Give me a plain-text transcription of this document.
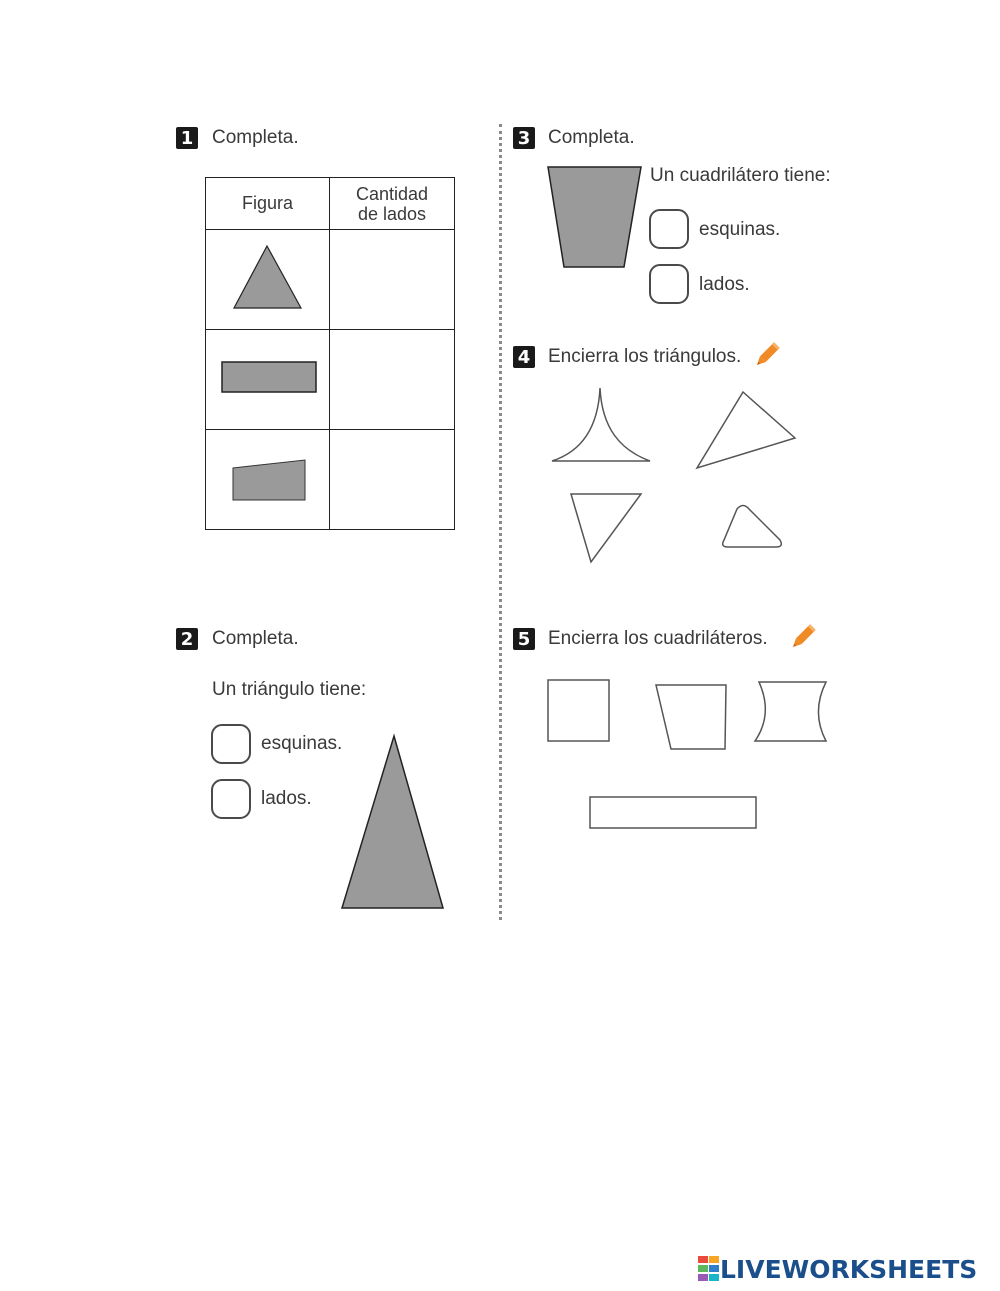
1 Completa.
Figura	Cantidad
de lados

2 Completa.
Un triángulo tiene:
esquinas.
lados.
3 Completa.
Un cuadrilátero tiene:
esquinas.
lados.
4 Encierra los triángulos.
5 Encierra los cuadriláteros.
LIVEWORKSHEETS
